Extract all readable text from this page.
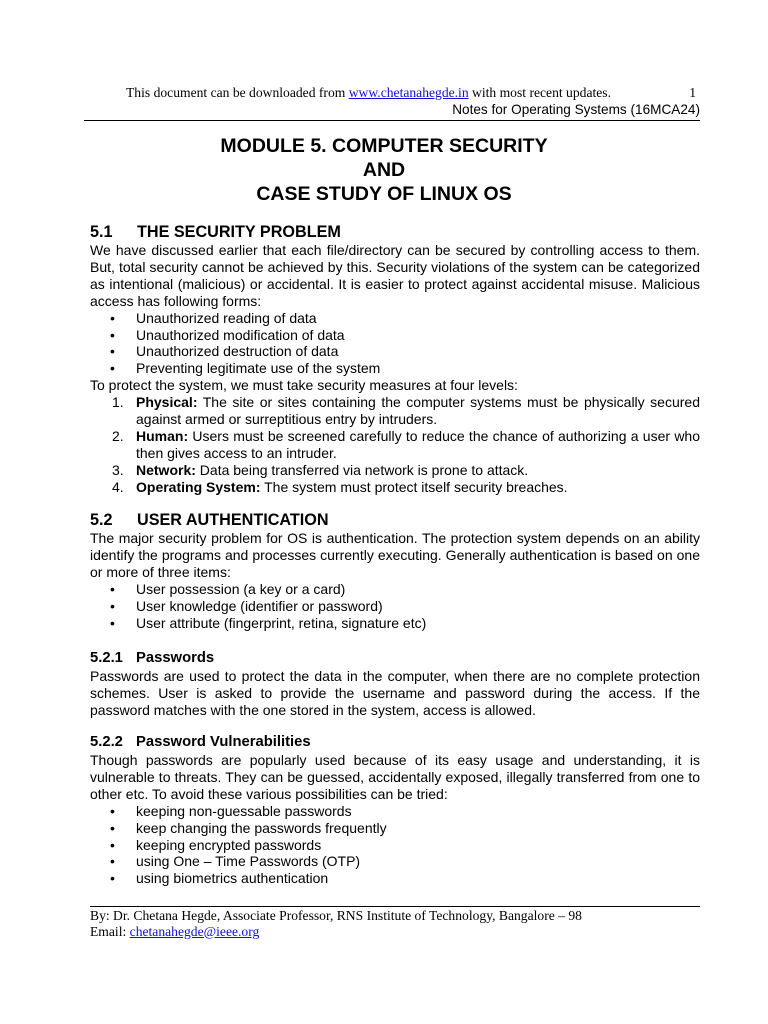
This document can be downloaded from www.chetanahegde.in with most recent updates.	1
Notes for Operating Systems (16MCA24)
MODULE 5. COMPUTER SECURITY
AND
CASE STUDY OF LINUX OS
5.1 THE SECURITY PROBLEM

We have discussed earlier that each file/directory can be secured by controlling access to them. But, total security cannot be achieved by this. Security violations of the system can be categorized as intentional (malicious) or accidental. It is easier to protect against accidental misuse. Malicious access has following forms:

• Unauthorized reading of data
• Unauthorized modification of data
• Unauthorized destruction of data
• Preventing legitimate use of the system

To protect the system, we must take security measures at four levels:

1. Physical: The site or sites containing the computer systems must be physically secured against armed or surreptitious entry by intruders.
2. Human: Users must be screened carefully to reduce the chance of authorizing a user who then gives access to an intruder.
3. Network: Data being transferred via network is prone to attack.
4. Operating System: The system must protect itself security breaches.
5.2 USER AUTHENTICATION

The major security problem for OS is authentication. The protection system depends on an ability identify the programs and processes currently executing. Generally authentication is based on one or more of three items:

• User possession (a key or a card)
• User knowledge (identifier or password)
• User attribute (fingerprint, retina, signature etc)
5.2.1 Passwords

Passwords are used to protect the data in the computer, when there are no complete protection schemes. User is asked to provide the username and password during the access. If the password matches with the one stored in the system, access is allowed.

5.2.2 Password Vulnerabilities

Though passwords are popularly used because of its easy usage and understanding, it is vulnerable to threats. They can be guessed, accidentally exposed, illegally transferred from one to other etc. To avoid these various possibilities can be tried:

• keeping non-guessable passwords
• keep changing the passwords frequently
• keeping encrypted passwords
• using One – Time Passwords (OTP)
• using biometrics authentication
By: Dr. Chetana Hegde, Associate Professor, RNS Institute of Technology, Bangalore – 98
Email: chetanahegde@ieee.org
